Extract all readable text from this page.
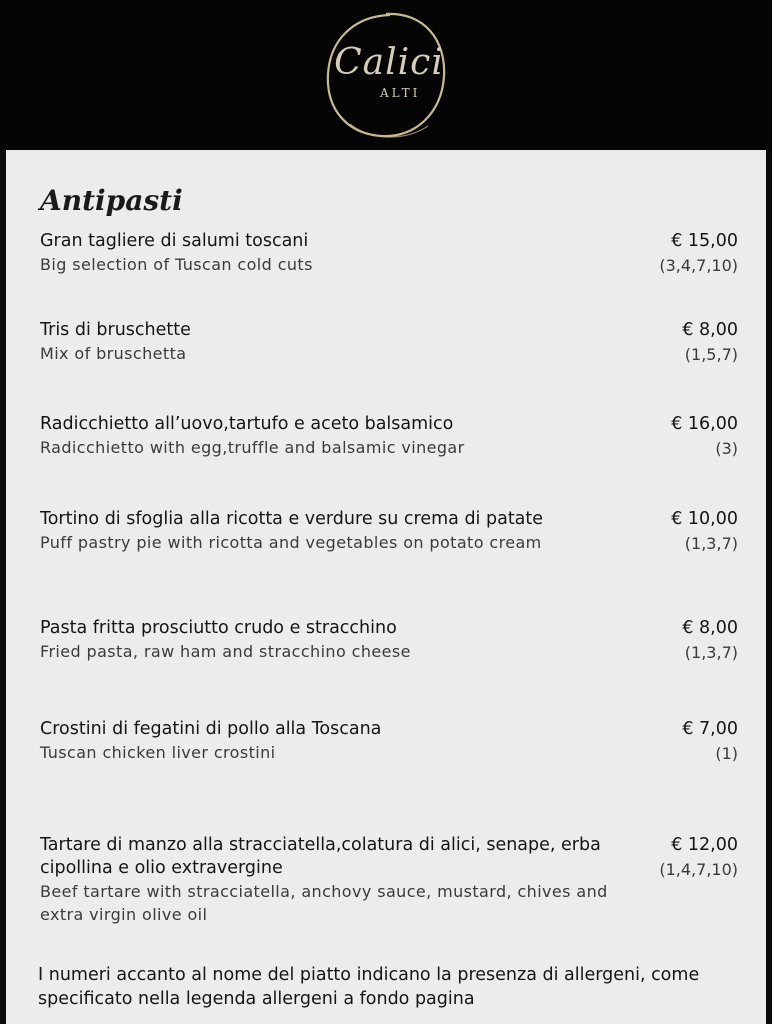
Calici
ALTI
Antipasti
Gran tagliere di salumi toscani
Big selection of Tuscan cold cuts
€ 15,00
(3,4,7,10)
Tris di bruschette
Mix of bruschetta
€ 8,00
(1,5,7)
Radicchietto all’uovo,tartufo e aceto balsamico
Radicchietto with egg,truffle and balsamic vinegar
€ 16,00
(3)
Tortino di sfoglia alla ricotta e verdure su crema di patate
Puff pastry pie with ricotta and vegetables on potato cream
€ 10,00
(1,3,7)
Pasta fritta prosciutto crudo e stracchino
Fried pasta, raw ham and stracchino cheese
€ 8,00
(1,3,7)
Crostini di fegatini di pollo alla Toscana
Tuscan chicken liver crostini
€ 7,00
(1)
Tartare di manzo alla stracciatella,colatura di alici, senape, erba cipollina e olio extravergine
Beef tartare with stracciatella, anchovy sauce, mustard, chives and extra virgin olive oil
€ 12,00
(1,4,7,10)
I numeri accanto al nome del piatto indicano la presenza di allergeni, come specificato nella legenda allergeni a fondo pagina
